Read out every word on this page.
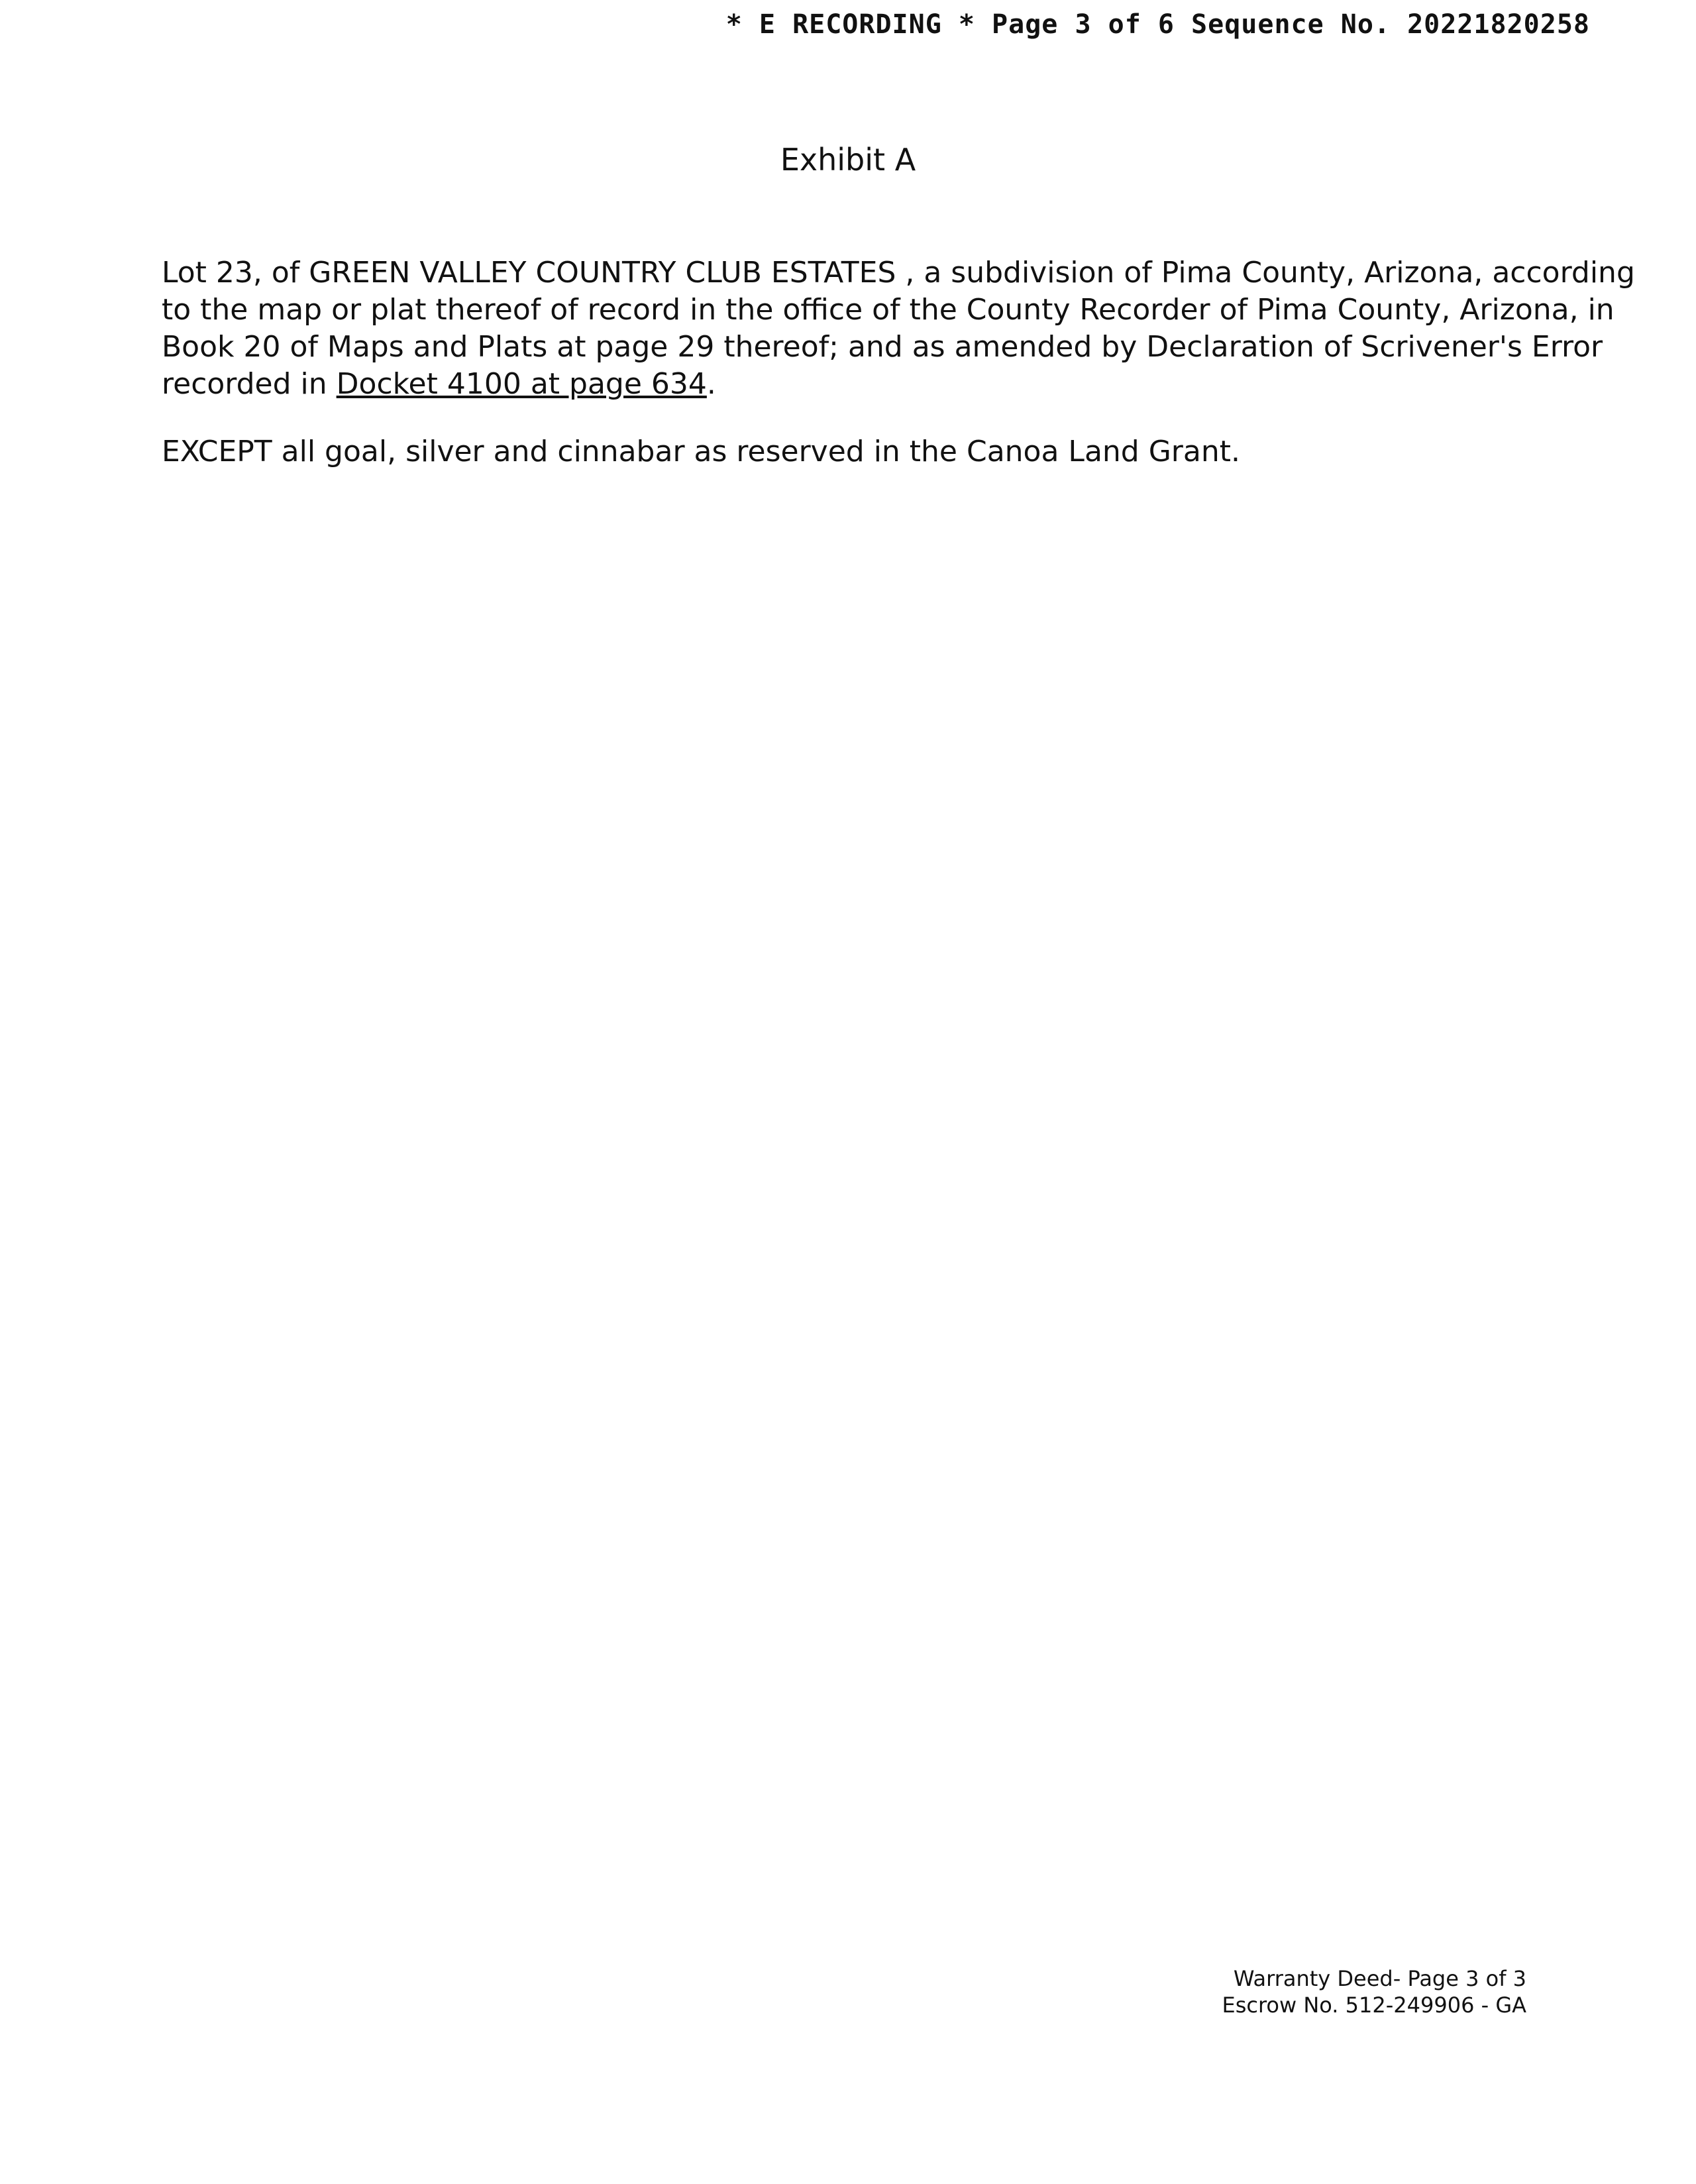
* E RECORDING * Page 3 of 6 Sequence No. 20221820258
Exhibit A
Lot 23, of GREEN VALLEY COUNTRY CLUB ESTATES , a subdivision of Pima County, Arizona, according
to the map or plat thereof of record in the office of the County Recorder of Pima County, Arizona, in
Book 20 of Maps and Plats at page 29 thereof; and as amended by Declaration of Scrivener's Error
recorded in Docket 4100 at page 634.
EXCEPT all goal, silver and cinnabar as reserved in the Canoa Land Grant.
Warranty Deed- Page 3 of 3
Escrow No. 512-249906 - GA
